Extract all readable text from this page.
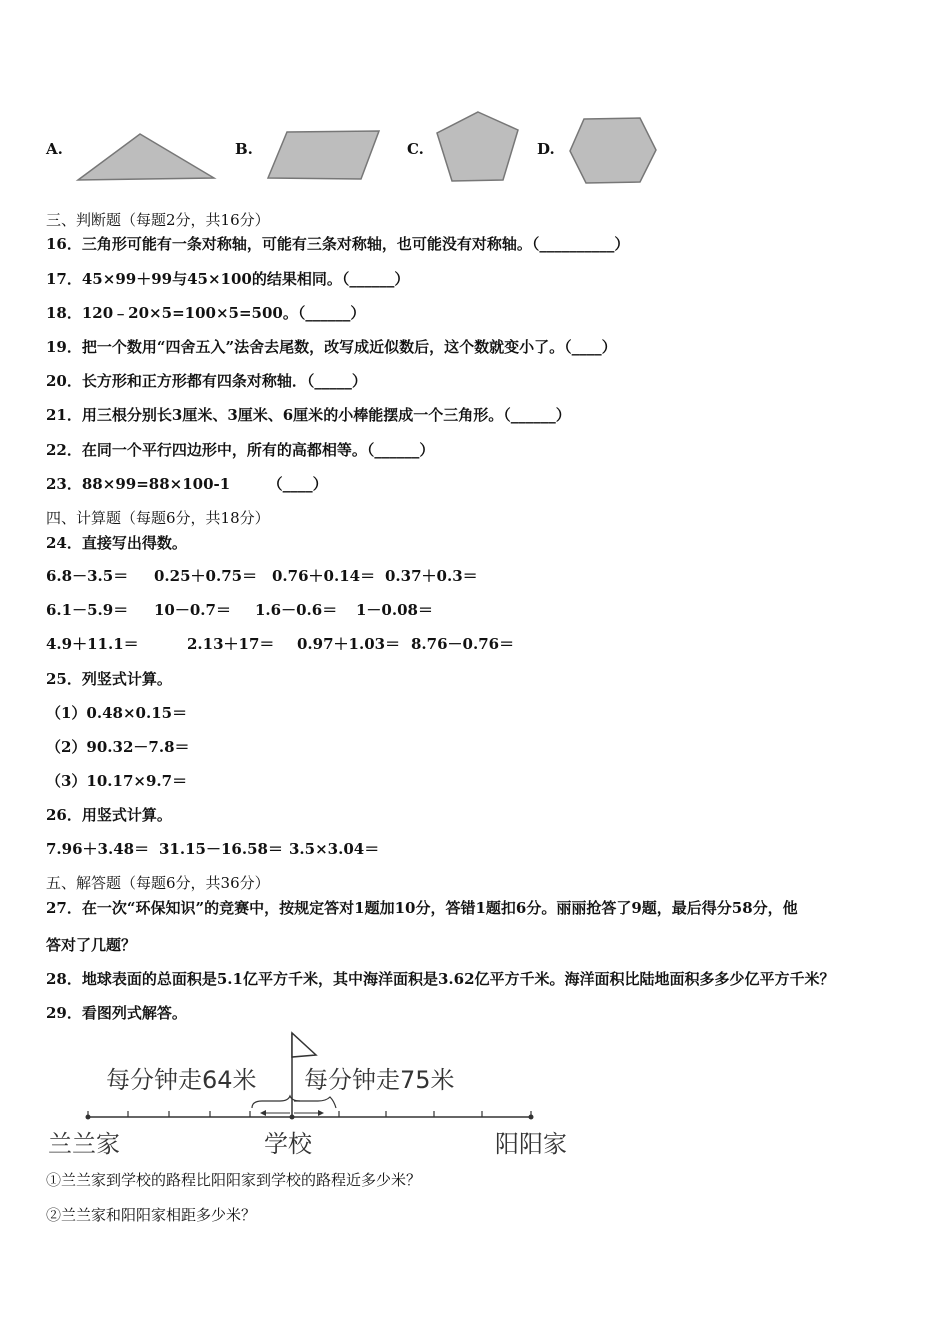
A.	B.	C.	D.
三、判断题（每题2分，共16分）
16．三角形可能有一条对称轴，可能有三条对称轴，也可能没有对称轴。（__________）
17．45×99＋99与45×100的结果相同。（______）
18．120﹣20×5=100×5=500。（______）
19．把一个数用“四舍五入”法舍去尾数，改写成近似数后，这个数就变小了。（____）
20．长方形和正方形都有四条对称轴．（_____）
21．用三根分别长3厘米、3厘米、6厘米的小棒能摆成一个三角形。（______）
22．在同一个平行四边形中，所有的高都相等。（______）
23．88×99=88×100-1　　　（____）
四、计算题（每题6分，共18分）
24．直接写出得数。
6.8－3.5＝ 0.25＋0.75＝ 0.76＋0.14＝ 0.37＋0.3＝
6.1－5.9＝ 10－0.7＝ 1.6－0.6＝ 1－0.08＝
4.9＋11.1＝	2.13＋17＝ 0.97＋1.03＝ 8.76－0.76＝
25．列竖式计算。
（1）0.48×0.15＝
（2）90.32－7.8＝
（3）10.17×9.7＝
26．用竖式计算。
7.96＋3.48＝ 31.15－16.58＝ 3.5×3.04＝
五、解答题（每题6分，共36分）
27．在一次“环保知识”的竞赛中，按规定答对1题加10分，答错1题扣6分。丽丽抢答了9题，最后得分58分，他
答对了几题？
28．地球表面的总面积是5.1亿平方千米，其中海洋面积是3.62亿平方千米。海洋面积比陆地面积多多少亿平方千米？
29．看图列式解答。
每分钟走64米 每分钟走75米
兰兰家	学校	阳阳家
①兰兰家到学校的路程比阳阳家到学校的路程近多少米？
②兰兰家和阳阳家相距多少米？
